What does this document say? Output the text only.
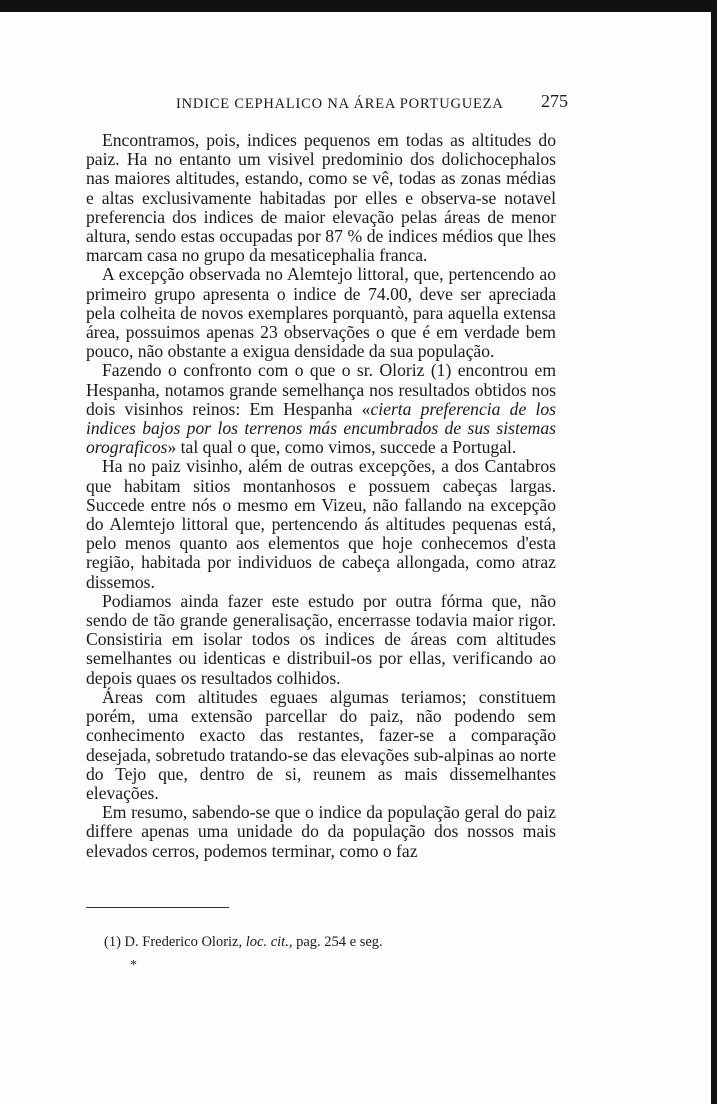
INDICE CEPHALICO NA ÁREA PORTUGUEZA 275

Encontramos, pois, indices pequenos em todas as altitudes do paiz. Ha no entanto um visivel predominio dos dolichocephalos nas maiores altitudes, estando, como se vê, todas as zonas médias e altas exclusivamente habitadas por elles e observa-se notavel preferencia dos indices de maior elevação pelas áreas de menor altura, sendo estas occupadas por 87 % de indices médios que lhes marcam casa no grupo da mesaticephalia franca.

A excepção observada no Alemtejo littoral, que, pertencendo ao primeiro grupo apresenta o indice de 74.00, deve ser apreciada pela colheita de novos exemplares porquantò, para aquella extensa área, possuimos apenas 23 observações o que é em verdade bem pouco, não obstante a exigua densidade da sua população.

Fazendo o confronto com o que o sr. Oloriz (1) encontrou em Hespanha, notamos grande semelhança nos resultados obtidos nos dois visinhos reinos: Em Hespanha «cierta preferencia de los indices bajos por los terrenos más encumbrados de sus sistemas orograficos» tal qual o que, como vimos, succede a Portugal.

Ha no paiz visinho, além de outras excepções, a dos Cantabros que habitam sitios montanhosos e possuem cabeças largas. Succede entre nós o mesmo em Vizeu, não fallando na excepção do Alemtejo littoral que, pertencendo ás altitudes pequenas está, pelo menos quanto aos elementos que hoje conhecemos d'esta região, habitada por individuos de cabeça allongada, como atraz dissemos.

Podiamos ainda fazer este estudo por outra fórma que, não sendo de tão grande generalisação, encerrasse todavia maior rigor. Consistiria em isolar todos os indices de áreas com altitudes semelhantes ou identicas e distribuil-os por ellas, verificando ao depois quaes os resultados colhidos.

Áreas com altitudes eguaes algumas teriamos; constituem porém, uma extensão parcellar do paiz, não podendo sem conhecimento exacto das restantes, fazer-se a comparação desejada, sobretudo tratando-se das elevações sub-alpinas ao norte do Tejo que, dentro de si, reunem as mais dissemelhantes elevações.

Em resumo, sabendo-se que o indice da população geral do paiz differe apenas uma unidade do da população dos nossos mais elevados cerros, podemos terminar, como o faz

(1) D. Frederico Oloriz, loc. cit., pag. 254 e seg.
*
